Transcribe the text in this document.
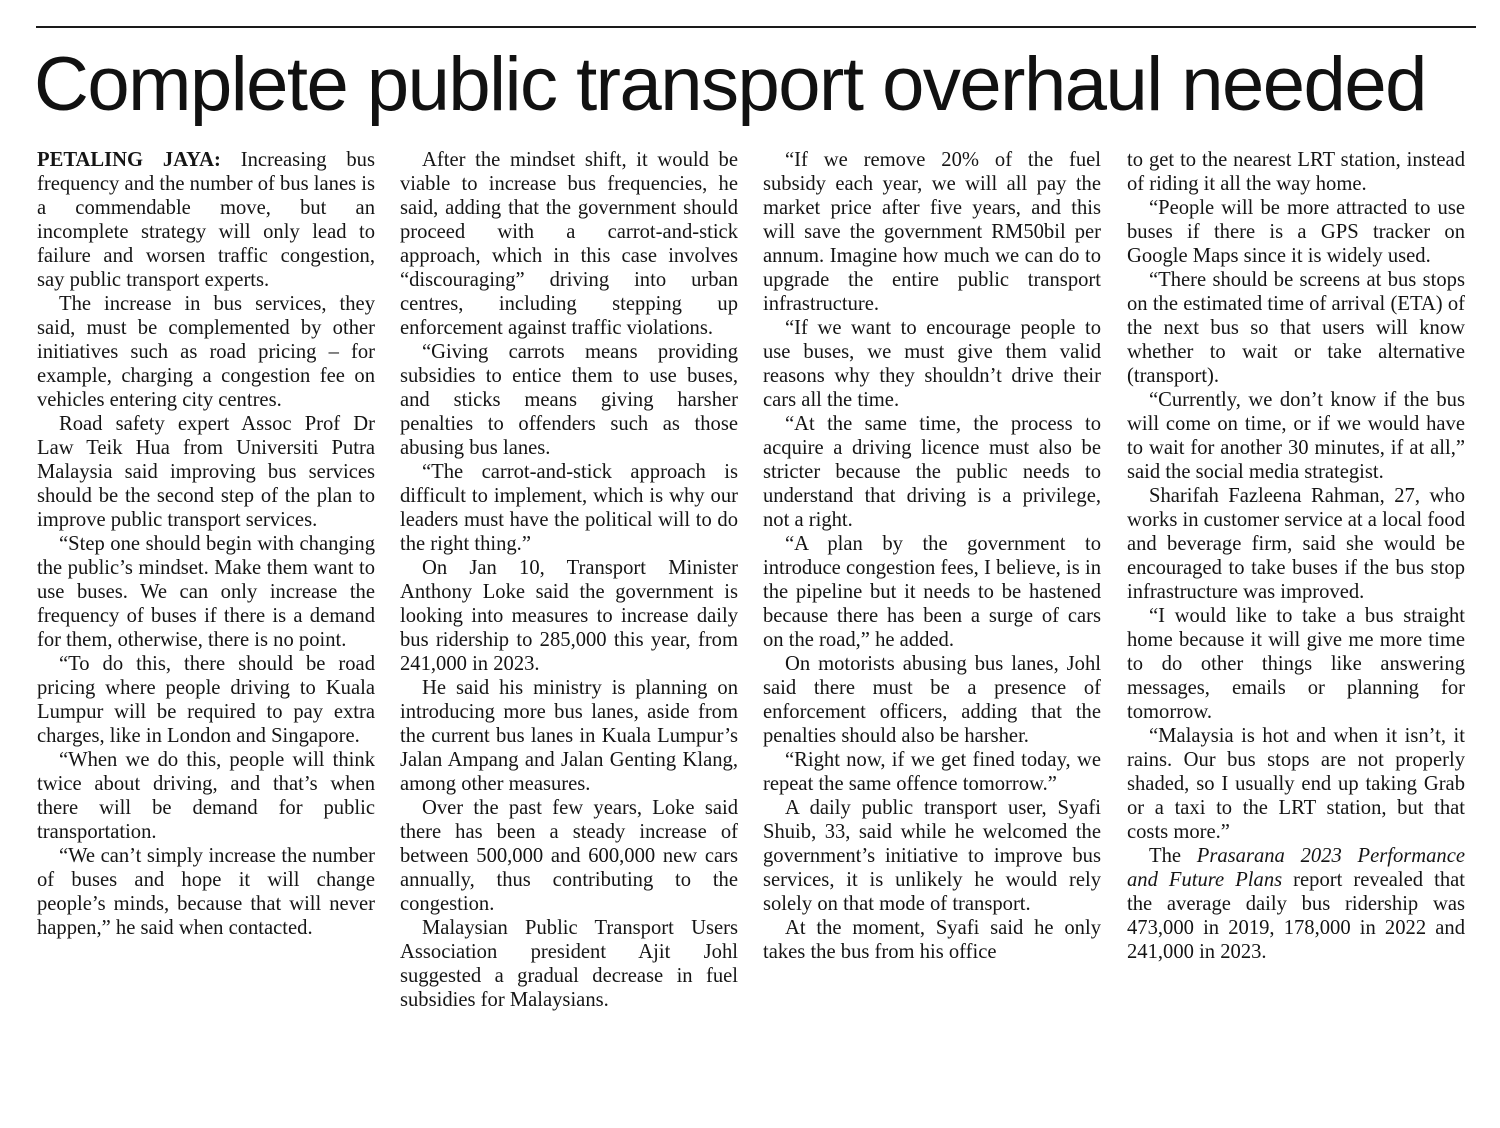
Complete public transport overhaul needed

PETALING JAYA: Increasing bus frequency and the number of bus lanes is a commendable move, but an incomplete strategy will only lead to failure and worsen traffic congestion, say public transport experts.

The increase in bus services, they said, must be complemented by other initiatives such as road pricing – for example, charging a congestion fee on vehicles entering city centres.

Road safety expert Assoc Prof Dr Law Teik Hua from Universiti Putra Malaysia said improving bus services should be the second step of the plan to improve public transport services.

“Step one should begin with changing the public’s mindset. Make them want to use buses. We can only increase the frequency of buses if there is a demand for them, otherwise, there is no point.

“To do this, there should be road pricing where people driving to Kuala Lumpur will be required to pay extra charges, like in London and Singapore.

“When we do this, people will think twice about driving, and that’s when there will be demand for public transportation.

“We can’t simply increase the number of buses and hope it will change people’s minds, because that will never happen,” he said when contacted.

After the mindset shift, it would be viable to increase bus frequencies, he said, adding that the government should proceed with a carrot-and-stick approach, which in this case involves “discouraging” driving into urban centres, including stepping up enforcement against traffic violations.

“Giving carrots means providing subsidies to entice them to use buses, and sticks means giving harsher penalties to offenders such as those abusing bus lanes.

“The carrot-and-stick approach is difficult to implement, which is why our leaders must have the political will to do the right thing.”

On Jan 10, Transport Minister Anthony Loke said the government is looking into measures to increase daily bus ridership to 285,000 this year, from 241,000 in 2023.

He said his ministry is planning on introducing more bus lanes, aside from the current bus lanes in Kuala Lumpur’s Jalan Ampang and Jalan Genting Klang, among other measures.

Over the past few years, Loke said there has been a steady increase of between 500,000 and 600,000 new cars annually, thus contributing to the congestion.

Malaysian Public Transport Users Association president Ajit Johl suggested a gradual decrease in fuel subsidies for Malaysians.

“If we remove 20% of the fuel subsidy each year, we will all pay the market price after five years, and this will save the government RM50bil per annum. Imagine how much we can do to upgrade the entire public transport infrastructure.

“If we want to encourage people to use buses, we must give them valid reasons why they shouldn’t drive their cars all the time.

“At the same time, the process to acquire a driving licence must also be stricter because the public needs to understand that driving is a privilege, not a right.

“A plan by the government to introduce congestion fees, I believe, is in the pipeline but it needs to be hastened because there has been a surge of cars on the road,” he added.

On motorists abusing bus lanes, Johl said there must be a presence of enforcement officers, adding that the penalties should also be harsher.

“Right now, if we get fined today, we repeat the same offence tomorrow.”

A daily public transport user, Syafi Shuib, 33, said while he welcomed the government’s initiative to improve bus services, it is unlikely he would rely solely on that mode of transport.

At the moment, Syafi said he only takes the bus from his office

to get to the nearest LRT station, instead of riding it all the way home.

“People will be more attracted to use buses if there is a GPS tracker on Google Maps since it is widely used.

“There should be screens at bus stops on the estimated time of arrival (ETA) of the next bus so that users will know whether to wait or take alternative (transport).

“Currently, we don’t know if the bus will come on time, or if we would have to wait for another 30 minutes, if at all,” said the social media strategist.

Sharifah Fazleena Rahman, 27, who works in customer service at a local food and beverage firm, said she would be encouraged to take buses if the bus stop infrastructure was improved.

“I would like to take a bus straight home because it will give me more time to do other things like answering messages, emails or planning for tomorrow.

“Malaysia is hot and when it isn’t, it rains. Our bus stops are not properly shaded, so I usually end up taking Grab or a taxi to the LRT station, but that costs more.”

The Prasarana 2023 Performance and Future Plans report revealed that the average daily bus ridership was 473,000 in 2019, 178,000 in 2022 and 241,000 in 2023.
